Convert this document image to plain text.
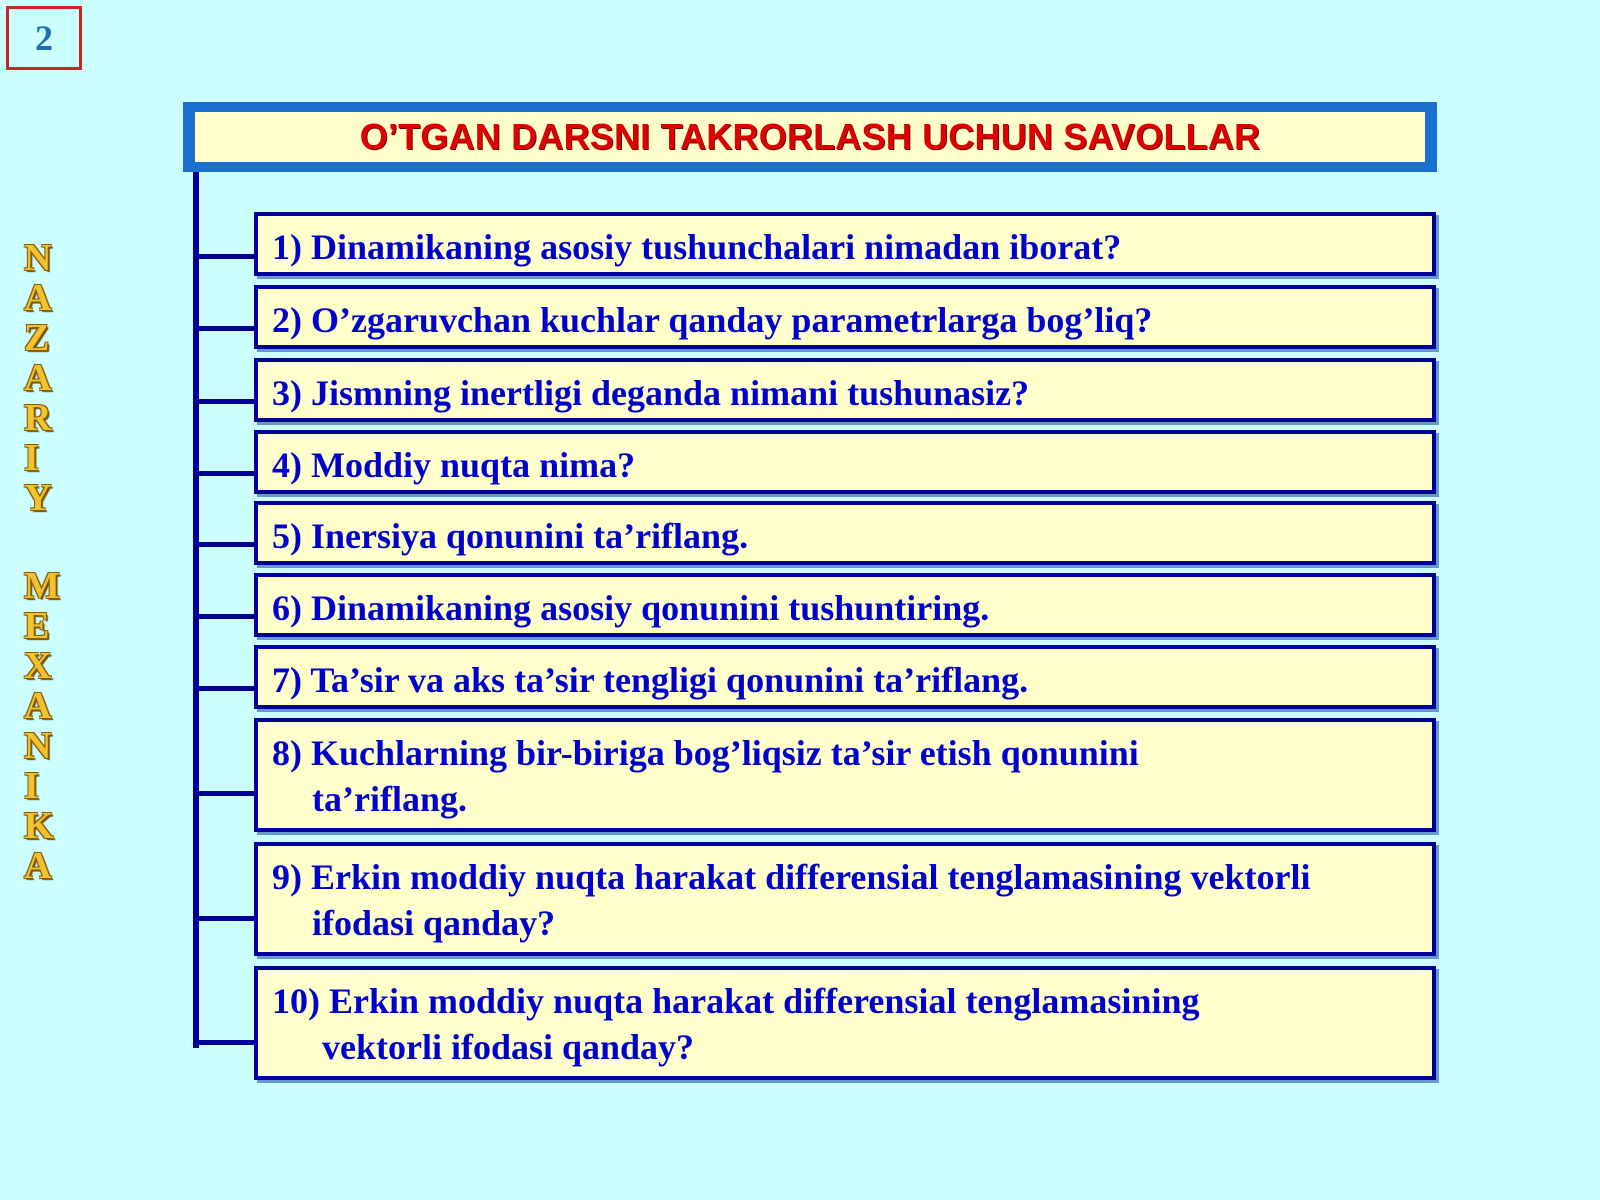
2
N
A
Z
A
R
I
Y
M
E
X
A
N
I
K
A
O’TGAN DARSNI TAKRORLASH UCHUN SAVOLLAR
1) Dinamikaning asosiy tushunchalari nimadan iborat?
2) O’zgaruvchan kuchlar qanday parametrlarga bog’liq?
3) Jismning inertligi deganda nimani tushunasiz?
4) Moddiy nuqta nima?
5) Inersiya qonunini ta’riflang.
6) Dinamikaning asosiy qonunini tushuntiring.
7) Ta’sir va aks ta’sir tengligi qonunini ta’riflang.
8) Kuchlarning bir-biriga bog’liqsiz ta’sir etish qonunini ta’riflang.
9) Erkin moddiy nuqta harakat differensial tenglamasining vektorli ifodasi qanday?
10) Erkin moddiy nuqta harakat differensial tenglamasining vektorli ifodasi qanday?
